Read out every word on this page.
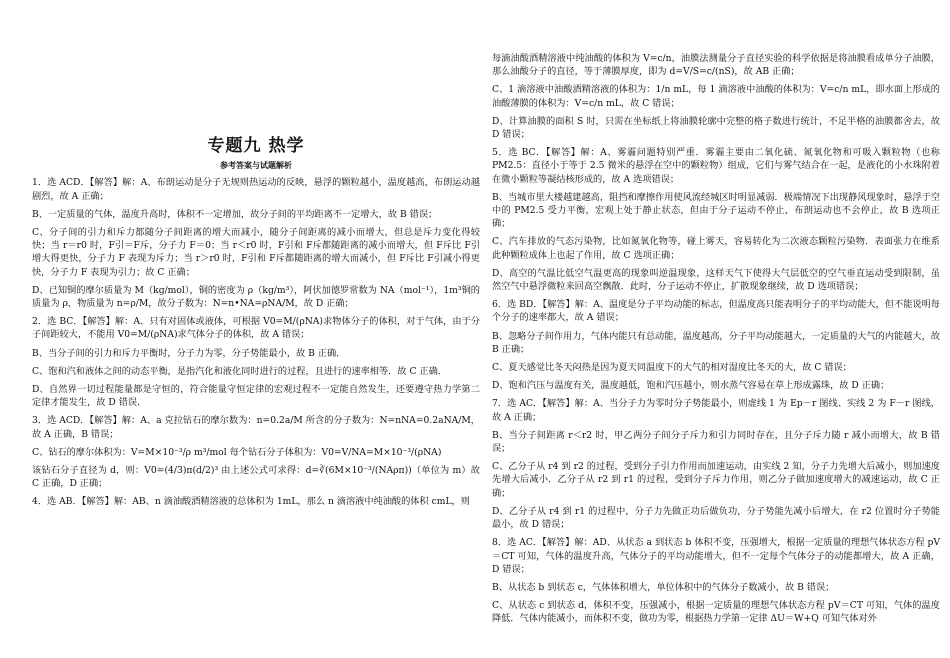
专题九 热学
参考答案与试题解析

1．选 ACD．【解答】解：A、布朗运动是分子无规则热运动的反映，悬浮的颗粒越小，温度越高，布朗运动越剧烈，故 A 正确；

B、一定质量的气体，温度升高时，体积不一定增加，故分子间的平均距离不一定增大，故 B 错误；

C、分子间的引力和斥力都随分子间距离的增大而减小，随分子间距离的减小而增大，但总是斥力变化得较快；当 r＝r0 时，F引＝F斥，分子力 F＝0；当 r＜r0 时，F引和 F斥都随距离的减小而增大，但 F斥比 F引增大得更快，分子力 F 表现为斥力；当 r＞r0 时，F引和 F斥都随距离的增大而减小，但 F斥比 F引减小得更快，分子力 F 表现为引力；故 C 正确；

D、已知铜的摩尔质量为 M（kg/mol），铜的密度为 ρ（kg/m³），阿伏加德罗常数为 NA（mol⁻¹），1m³铜的质量为 ρ，物质量为 n=ρ/M，故分子数为：N=n•NA=ρNA/M，故 D 正确；

2．选 BC．【解答】解：A、只有对固体或液体，可根据 V0=M/(ρNA)求物体分子的体积，对于气体，由于分子间距较大，不能用 V0=M/(ρNA)求气体分子的体积，故 A 错误；

B、当分子间的引力和斥力平衡时，分子力为零，分子势能最小，故 B 正确．

C、饱和汽和液体之间的动态平衡，是指汽化和液化同时进行的过程，且进行的速率相等．故 C 正确．

D、自然界一切过程能量都是守恒的，符合能量守恒定律的宏观过程不一定能自然发生，还要遵守热力学第二定律才能发生，故 D 错误．

3．选 ACD．【解答】解：A、a 克拉钻石的摩尔数为：n=0.2a/M 所含的分子数为：N=nNA=0.2aNA/M，故 A 正确，B 错误；

C、钻石的摩尔体积为：V=M×10⁻³/ρ m³/mol 每个钻石分子体积为：V0=V/NA=M×10⁻³/(ρNA)

该钻石分子直径为 d，则：V0=(4/3)π(d/2)³ 由上述公式可求得：d=∛(6M×10⁻³/(NAρπ))（单位为 m）故 C 正确，D 正确；

4．选 AB．【解答】解：AB、n 滴油酸酒精溶液的总体积为 1mL，那么 n 滴溶液中纯油酸的体积 cmL，则

每滴油酸酒精溶液中纯油酸的体积为 V=c/n，油膜法测量分子直径实验的科学依据是将油膜看成单分子油膜，那么油酸分子的直径，等于薄膜厚度，即为 d=V/S=c/(nS)，故 AB 正确；

C、1 滴溶液中油酸酒精溶液的体积为：1/n mL，每 1 滴溶液中油酸的体积为：V=c/n mL，即水面上形成的油酸薄膜的体积为：V=c/n mL，故 C 错误；

D、计算油膜的面积 S 时，只需在坐标纸上将油膜轮廓中完整的格子数进行统计，不足半格的油膜都舍去，故 D 错误；

5．选 BC．【解答】解：A、雾霾问题特别严重．雾霾主要由二氧化硫、氮氧化物和可吸入颗粒物（也称 PM2.5：直径小于等于 2.5 微米的悬浮在空中的颗粒物）组成，它们与雾气结合在一起，是液化的小水珠附着在微小颗粒等凝结核形成的，故 A 选项错误；

B、当城市里大楼越建越高，阻挡和摩擦作用使风流经城区时明显减弱．极端情况下出现静风现象时，悬浮于空中的 PM2.5 受力平衡，宏观上处于静止状态，但由于分子运动不停止，布朗运动也不会停止，故 B 选项正确；

C、汽车排放的气态污染物，比如氮氧化物等，碰上雾天，容易转化为二次液态颗粒污染物．表面张力在维系此种颗粒成体上也起了作用，故 C 选项正确；

D、高空的气温比低空气温更高的现象叫逆温现象，这样天气下使得大气层低空的空气垂直运动受到限制，虽然空气中悬浮微粒来回高空飘散．此时，分子运动不停止，扩散现象继续，故 D 选项错误；

6．选 BD．【解答】解：A、温度是分子平均动能的标志，但温度高只能表明分子的平均动能大，但不能说明每个分子的速率都大，故 A 错误；

B、忽略分子间作用力，气体内能只有总动能，温度越高，分子平均动能越大，一定质量的大气的内能越大，故 B 正确；

C、夏天感觉比冬天闷热是因为夏天同温度下的大气的相对湿度比冬天的大，故 C 错误；

D、饱和汽压与温度有关，温度越低，饱和汽压越小，则水蒸气容易在草上形成露珠，故 D 正确；

7．选 AC．【解答】解：A、当分子力为零时分子势能最小，则虚线 1 为 Ep－r 图线、实线 2 为 F－r 图线，故 A 正确；

B、当分子间距离 r＜r2 时，甲乙两分子间分子斥力和引力同时存在，且分子斥力随 r 减小而增大，故 B 错误；

C、乙分子从 r4 到 r2 的过程，受到分子引力作用而加速运动，由实线 2 知，分子力先增大后减小，则加速度先增大后减小．乙分子从 r2 到 r1 的过程，受到分子斥力作用，则乙分子做加速度增大的减速运动，故 C 正确；

D、乙分子从 r4 到 r1 的过程中，分子力先做正功后做负功，分子势能先减小后增大，在 r2 位置时分子势能最小，故 D 错误；

8．选 AC．【解答】解：AD、从状态 a 到状态 b 体积不变，压强增大，根据一定质量的理想气体状态方程 pV＝CT 可知，气体的温度升高，气体分子的平均动能增大，但不一定每个气体分子的动能都增大，故 A 正确，D 错误；

B、从状态 b 到状态 c，气体体积增大，单位体积中的气体分子数减小，故 B 错误；

C、从状态 c 到状态 d，体积不变，压强减小，根据一定质量的理想气体状态方程 pV＝CT 可知，气体的温度降低．气体内能减小，而体积不变，做功为零，根据热力学第一定律 ΔU＝W+Q 可知气体对外
